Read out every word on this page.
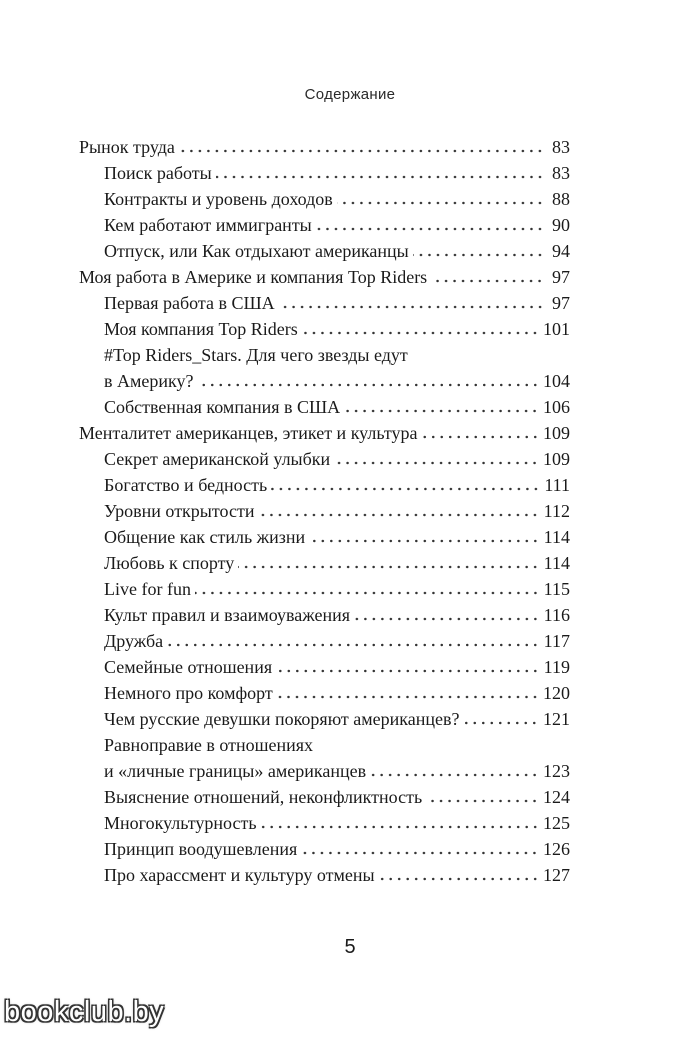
Содержание
Рынок труда	83
Поиск работы	83
Контракты и уровень доходов	88
Кем работают иммигранты	90
Отпуск, или Как отдыхают американцы	94
Моя работа в Америке и компания Top Riders	97
Первая работа в США	97
Моя компания Top Riders	101
#Top Riders_Stars. Для чего звезды едут
в Америку?	104
Собственная компания в США	106
Менталитет американцев, этикет и культура	109
Секрет американской улыбки	109
Богатство и бедность	111
Уровни открытости	112
Общение как стиль жизни	114
Любовь к спорту	114
Live for fun	115
Культ правил и взаимоуважения	116
Дружба	117
Семейные отношения	119
Немного про комфорт	120
Чем русские девушки покоряют американцев?	121
Равноправие в отношениях
и «личные границы» американцев	123
Выяснение отношений, неконфликтность	124
Многокультурность	125
Принцип воодушевления	126
Про харассмент и культуру отмены	127
5
bookclub.by
